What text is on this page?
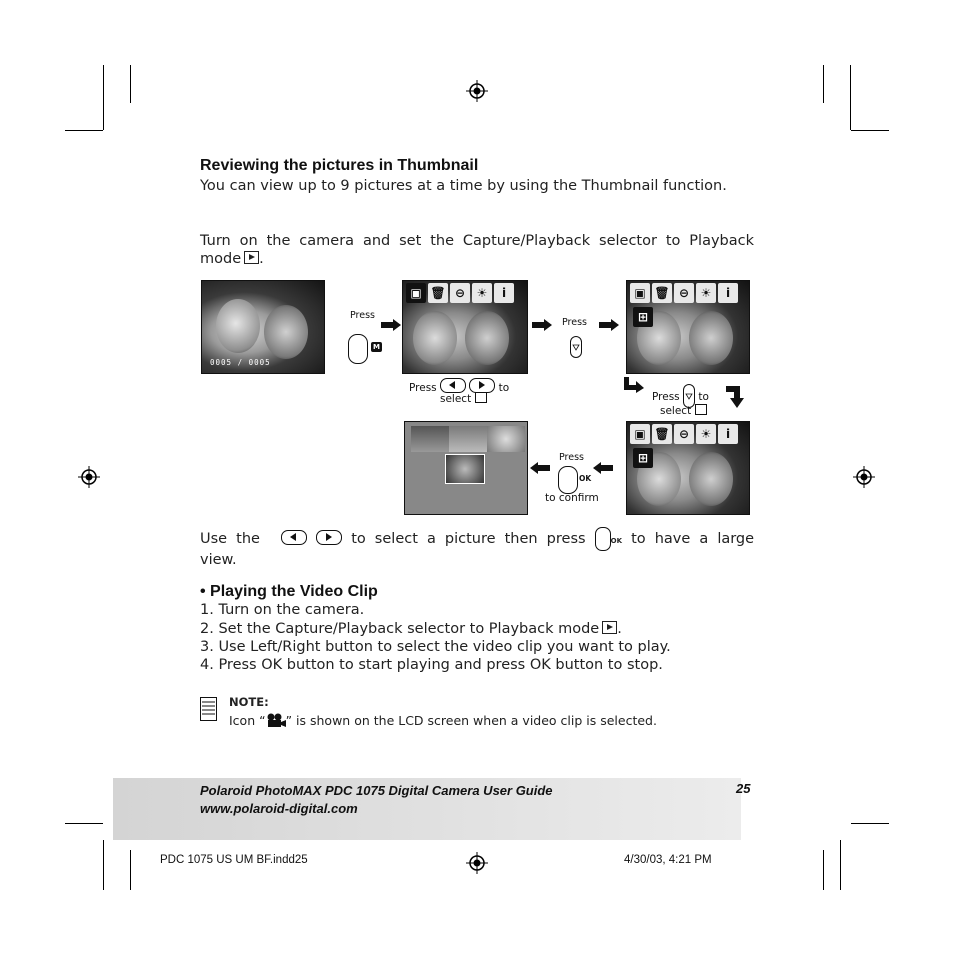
Reviewing the pictures in Thumbnail
You can view up to 9 pictures at a time by using the Thumbnail function.
Turn on the camera and set the Capture/Playback selector to Playback mode .
0005 / 0005
Press
M
▣ 🗑 ⊖ ☀	i
Press
▣ 🗑 ⊖ ☀	i
⊞
Press	to
select	Press to
select
Press
OK
to confirm
▣ 🗑 ⊖ ☀	i
⊞
Use the	to select a picture then press	OK to have a large view.
• Playing the Video Clip
1. Turn on the camera.
2. Set the Capture/Playback selector to Playback mode .
3. Use Left/Right button to select the video clip you want to play.
4. Press OK button to start playing and press OK button to stop.
NOTE:
Icon “ ” is shown on the LCD screen when a video clip is selected.
Polaroid PhotoMAX PDC 1075 Digital Camera User Guide
www.polaroid-digital.com
25
PDC 1075 US UM BF.indd25	4/30/03, 4:21 PM
